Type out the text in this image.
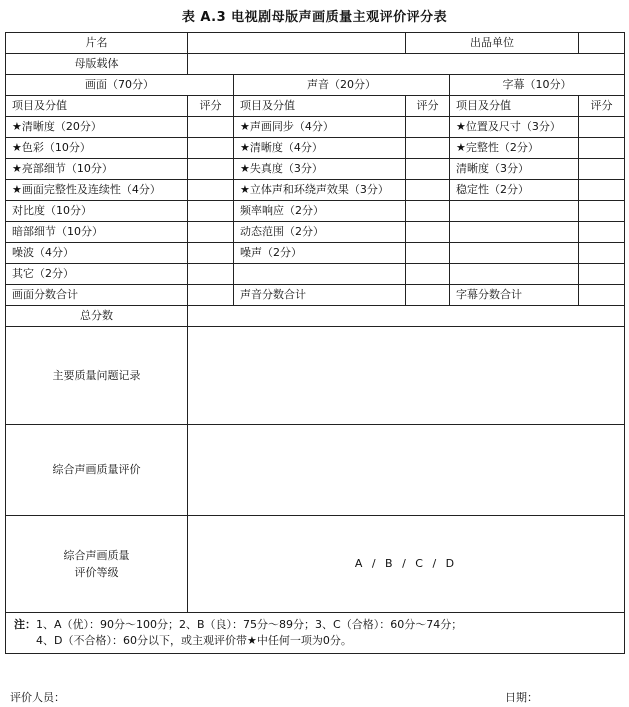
表 A.3 电视剧母版声画质量主观评价评分表
片名			出品单位		
母版载体					
画面（70分）		声音（20分）		字幕（10分）	
项目及分值	评分	项目及分值	评分	项目及分值	评分
★清晰度（20分）		★声画同步（4分）		★位置及尺寸（3分）	
★色彩（10分）		★清晰度（4分）		★完整性（2分）	
★亮部细节（10分）		★失真度（3分）		清晰度（3分）	
★画面完整性及连续性（4分）		★立体声和环绕声效果（3分）		稳定性（2分）	
对比度（10分）		频率响应（2分）			
暗部细节（10分）		动态范围（2分）			
噪波（4分）		噪声（2分）			
其它（2分）					
画面分数合计		声音分数合计		字幕分数合计	
总分数					
主要质量问题记录					
综合声画质量评价					

综合声画质量
评价等级	A / B / C / D				

注：1、A（优）：90分～100分；2、B（良）：75分～89分；3、C（合格）：60分～74分；
4、D（不合格）：60分以下，或主观评价带★中任何一项为0分。					
评价人员：	日期：
